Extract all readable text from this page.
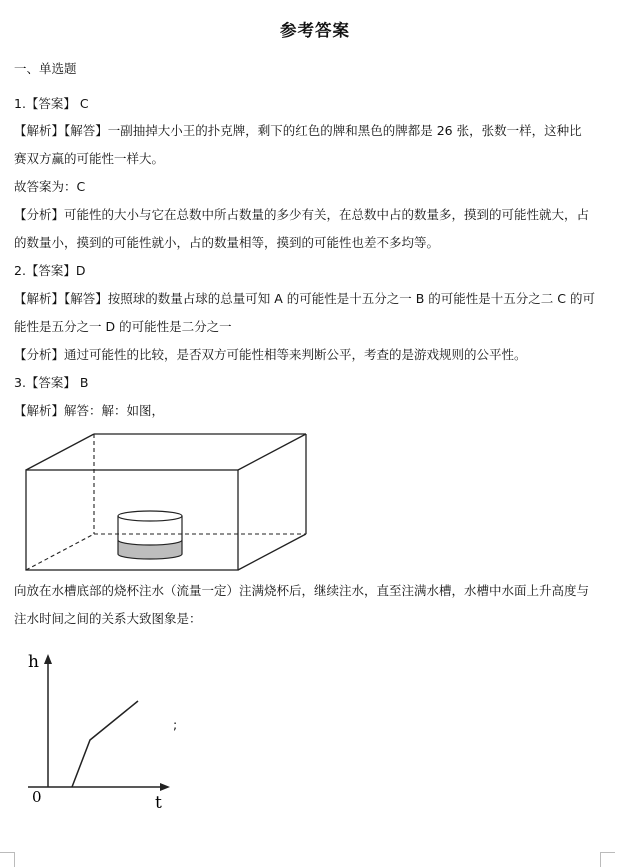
参考答案
一、单选题
1.【答案】 C
【解析】【解答】一副抽掉大小王的扑克牌，剩下的红色的牌和黑色的牌都是 26 张，张数一样，这种比
赛双方赢的可能性一样大。
故答案为：C
【分析】可能性的大小与它在总数中所占数量的多少有关，在总数中占的数量多，摸到的可能性就大，占
的数量小，摸到的可能性就小，占的数量相等，摸到的可能性也差不多均等。
2.【答案】D
【解析】【解答】按照球的数量占球的总量可知 A 的可能性是十五分之一 B 的可能性是十五分之二 C 的可
能性是五分之一 D 的可能性是二分之一
【分析】通过可能性的比较，是否双方可能性相等来判断公平，考查的是游戏规则的公平性。
3.【答案】 B
【解析】解答：解：如图，
向放在水槽底部的烧杯注水（流量一定）注满烧杯后，继续注水，直至注满水槽，水槽中水面上升高度与
注水时间之间的关系大致图象是：
h
t
0
;
